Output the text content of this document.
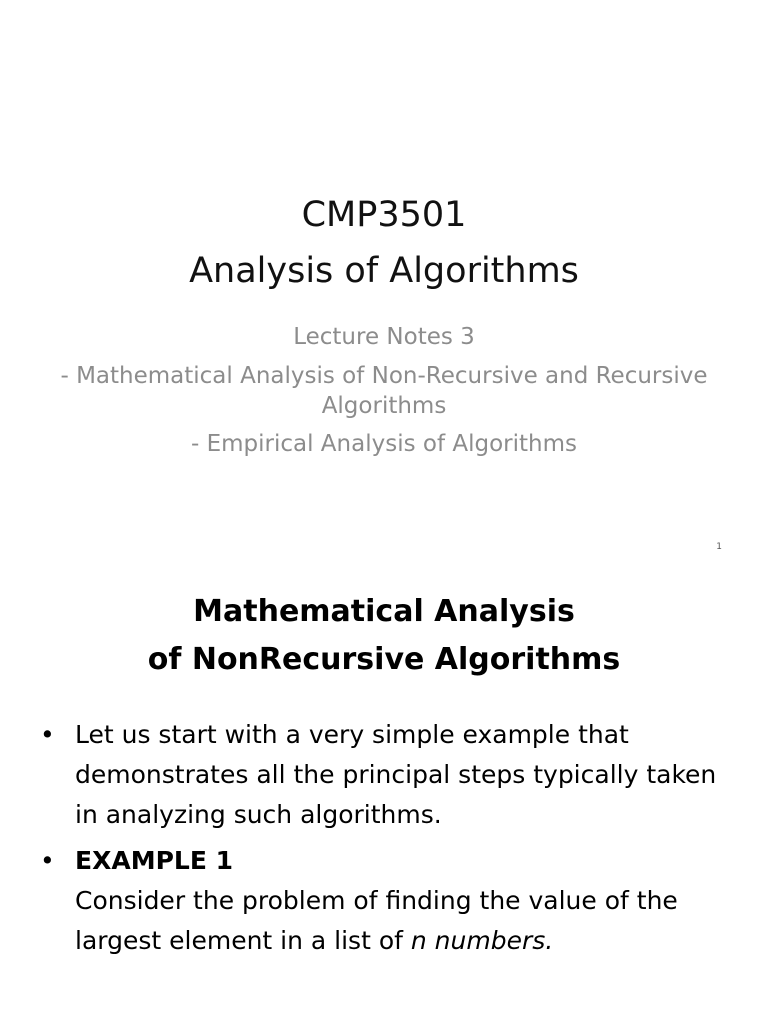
CMP3501
Analysis of Algorithms
Lecture Notes 3
- Mathematical Analysis of Non-Recursive and Recursive Algorithms
- Empirical Analysis of Algorithms
1
Mathematical Analysis
of NonRecursive Algorithms
• Let us start with a very simple example that demonstrates all the principal steps typically taken in analyzing such algorithms.
• EXAMPLE 1
Consider the problem of finding the value of the largest element in a list of n numbers.
